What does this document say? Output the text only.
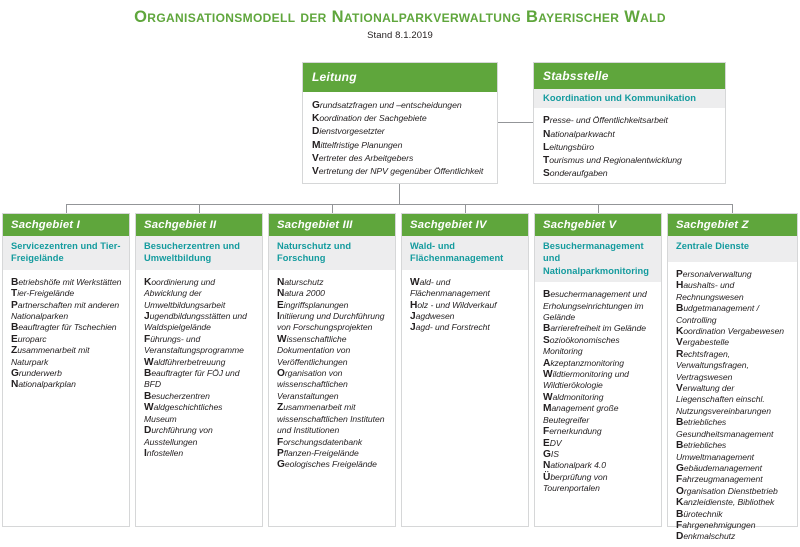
Organisationsmodell der Nationalparkverwaltung Bayerischer Wald
Stand 8.1.2019
Leitung
Grundsatzfragen und –entscheidungen
Koordination der Sachgebiete
Dienstvorgesetzter
Mittelfristige Planungen
Vertreter des Arbeitgebers
Vertretung der NPV gegenüber Öffentlichkeit
Stabsstelle
Koordination und Kommunikation
Presse- und Öffentlichkeitsarbeit
Nationalparkwacht
Leitungsbüro
Tourismus und Regionalentwicklung
Sonderaufgaben
Sachgebiet I
Servicezentren und Tier-Freigelände
Betriebshöfe mit Werkstätten
Tier-Freigelände
Partnerschaften mit anderen Nationalparken
Beauftragter für Tschechien
Europarc
Zusammenarbeit mit Naturpark
Grunderwerb
Nationalparkplan
Sachgebiet II
Besucherzentren und Umweltbildung
Koordinierung und Abwicklung der Umweltbildungsarbeit
Jugendbildungsstätten und Waldspielgelände
Führungs- und Veranstaltungsprogramme
Waldführerbetreuung
Beauftragter für FÖJ und BFD
Besucherzentren
Waldgeschichtliches Museum
Durchführung von Ausstellungen
Infostellen
Sachgebiet III
Naturschutz und Forschung
Naturschutz
Natura 2000
Eingriffsplanungen
Initiierung und Durchführung von Forschungsprojekten
Wissenschaftliche Dokumentation von Veröffentlichungen
Organisation von wissenschaftlichen Veranstaltungen
Zusammenarbeit mit wissenschaftlichen Instituten und Institutionen
Forschungsdatenbank
Pflanzen-Freigelände
Geologisches Freigelände
Sachgebiet IV
Wald- und Flächenmanagement
Wald- und Flächenmanagement
Holz - und Wildverkauf
Jagdwesen
Jagd- und Forstrecht
Sachgebiet V
Besuchermanagement und Nationalparkmonitoring
Besuchermanagement und Erholungseinrichtungen im Gelände
Barrierefreiheit im Gelände
Sozioökonomisches Monitoring
Akzeptanzmonitoring
Wildtiermonitoring und Wildtierökologie
Waldmonitoring
Management große Beutegreifer
Fernerkundung
EDV
GIS
Nationalpark 4.0
Überprüfung von Tourenportalen
Sachgebiet Z
Zentrale Dienste
Personalverwaltung
Haushalts- und Rechnungswesen
Budgetmanagement / Controlling
Koordination Vergabewesen
Vergabestelle
Rechtsfragen, Verwaltungsfragen, Vertragswesen
Verwaltung der Liegenschaften einschl. Nutzungsvereinbarungen
Betriebliches Gesundheitsmanagement
Betriebliches Umweltmanagement
Gebäudemanagement
Fahrzeugmanagement
Organisation Dienstbetrieb
Kanzleidienste, Bibliothek
Bürotechnik
Fahrgenehmigungen
Denkmalschutz
